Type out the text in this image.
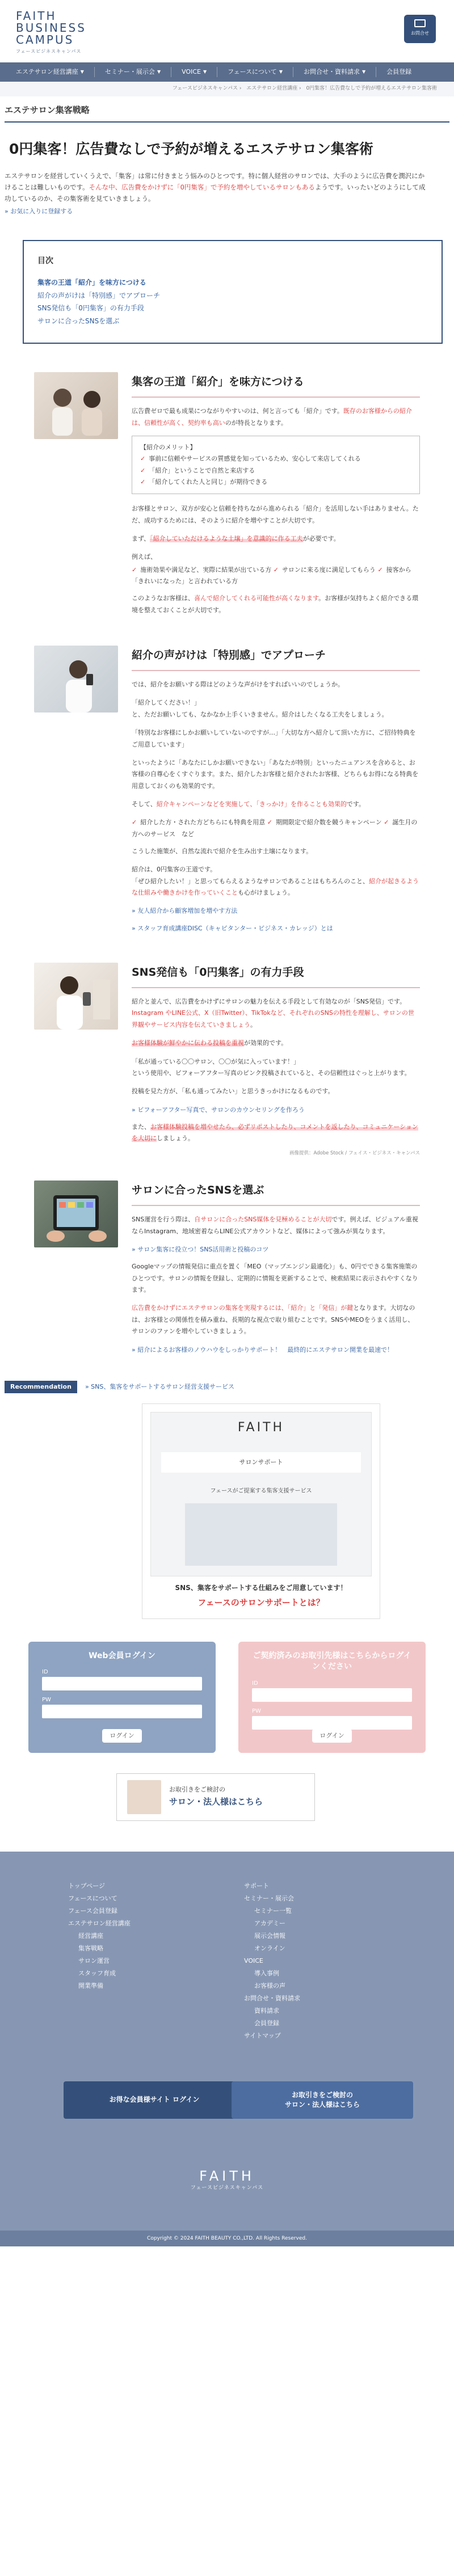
FAITH
BUSINESS
CAMPUS
フェースビジネスキャンパス
お問合せ
エステサロン経営講座 ▼	セミナー・展示会 ▼	VOICE ▼	フェースについて ▼	お問合せ・資料請求 ▼	会員登録
フェースビジネスキャンパス › エステサロン経営講座 › 0円集客！広告費なしで予約が増えるエステサロン集客術
エステサロン集客戦略
0円集客！広告費なしで予約が増えるエステサロン集客術

エステサロンを経営していくうえで、「集客」は常に付きまとう悩みのひとつです。特に個人経営のサロンでは、大手のように広告費を潤沢にかけることは難しいものです。そんな中、広告費をかけずに「0円集客」で予約を増やしているサロンもあるようです。いったいどのようにして成功しているのか、その集客術を見ていきましょう。

» お気に入りに登録する
目次
集客の王道「紹介」を味方につける
紹介の声がけは「特別感」でアプローチ
SNS発信も「0円集客」の有力手段
サロンに合ったSNSを選ぶ
集客の王道「紹介」を味方につける

広告費ゼロで最も成果につながりやすいのは、何と言っても「紹介」です。既存のお客様からの紹介は、信頼性が高く、契約率も高いのが特長となります。

【紹介のメリット】
✓ 事前に信頼やサービスの質感覚を知っているため、安心して来店してくれる
✓ 「紹介」ということで自然と来店する
✓ 「紹介してくれた人と同じ」が期待できる

お客様とサロン、双方が安心と信頼を持ちながら進められる「紹介」を活用しない手はありません。ただ、成功するためには、そのように紹介を増やすことが大切です。

まず、「紹介していただけるような土壌」を意識的に作る工夫が必要です。

例えば、

✓ 施術効果や満足など、実際に結果が出ている方 ✓ サロンに来る度に満足してもらう ✓ 接客から「きれいになった」と言われている方

このようなお客様は、喜んで紹介してくれる可能性が高くなります。お客様が気持ちよく紹介できる環境を整えておくことが大切です。

紹介の声がけは「特別感」でアプローチ

では、紹介をお願いする際はどのような声がけをすればいいのでしょうか。

「紹介してください！」

と、ただお願いしても、なかなか上手くいきません。紹介はしたくなる工夫をしましょう。

「特別なお客様にしかお願いしていないのですが…」「大切な方へ紹介して頂いた方に、ご招待特典をご用意しています」

といったように「あなたにしかお願いできない」「あなたが特別」といったニュアンスを含めると、お客様の自尊心をくすぐります。また、紹介したお客様と紹介されたお客様、どちらもお得になる特典を用意しておくのも効果的です。

そして、紹介キャンペーンなどを実施して、「きっかけ」を作ることも効果的です。

✓ 紹介した方・された方どちらにも特典を用意 ✓ 期間限定で紹介数を競うキャンペーン ✓ 誕生月の方へのサービス　など

こうした施策が、自然な流れで紹介を生み出す土壌になります。

紹介は、0円集客の王道です。

「ぜひ紹介したい！」と思ってもらえるようなサロンであることはもちろんのこと、紹介が起きるような仕組みや働きかけを作っていくことも心がけましょう。

» 友人紹介から顧客増加を増やす方法
» スタッフ育成講座DISC（キャピタンター・ビジネス・カレッジ）とは
SNS発信も「0円集客」の有力手段

紹介と並んで、広告費をかけずにサロンの魅力を伝える手段として有効なのが「SNS発信」です。Instagram やLINE公式、X（旧Twitter）、TikTokなど、それぞれのSNSの特性を理解し、サロンの世界観やサービス内容を伝えていきましょう。

お客様体験が鮮やかに伝わる投稿を重視が効果的です。

「私が通っている〇〇サロン、〇〇が気に入っています！」

という使用や、ビフォーアフター写真のピンク投稿されていると、その信頼性はぐっと上がります。

投稿を見た方が、「私も通ってみたい」と思うきっかけになるものです。

» ビフォーアフター写真で、サロンのカウンセリングを作ろう

また、お客様体験投稿を増やせたら、必ずリポストしたり、コメントを返したり、コミュニケーションを大切にしましょう。

画像提供：Adobe Stock / フェイス・ビジネス・キャンパス
サロンに合ったSNSを選ぶ

SNS運営を行う際は、自サロンに合ったSNS媒体を見極めることが大切です。例えば、ビジュアル重視ならInstagram、地域密着ならLINE公式アカウントなど、媒体によって強みが異なります。

» サロン集客に役立つ！SNS活用術と投稿のコツ

Googleマップの情報発信に重点を置く「MEO（マップエンジン最適化）」も、0円でできる集客施策のひとつです。サロンの情報を登録し、定期的に情報を更新することで、検索結果に表示されやすくなります。

広告費をかけずにエステサロンの集客を実現するには、「紹介」と「発信」が鍵となります。大切なのは、お客様との関係性を積み重ね、長期的な視点で取り組むことです。SNSやMEOをうまく活用し、サロンのファンを増やしていきましょう。

» 紹介によるお客様のノウハウをしっかりサポート！　最終的にエステサロン開業を最速で！
Recommendation	» SNS、集客をサポートするサロン経営支援サービス
FAITH
サロンサポート
フェースがご提案する集客支援サービス
SNS、集客をサポートする仕組みをご用意しています！
フェースのサロンサポートとは？
Web会員ログイン
ID
PW
ログイン
ご契約済みのお取引先様はこちらからログインください
ID
PW
ログイン
お取引きをご検討の
サロン・法人様はこちら
トップページ
フェースについて
フェース会員登録
エステサロン経営講座
経営講座
集客戦略
サロン運営
スタッフ育成
開業準備
サポート
セミナー・展示会
セミナー一覧
アカデミー
展示会情報
オンライン
VOICE
導入事例
お客様の声
お問合せ・資料請求
資料請求
会員登録
サイトマップ
お得な会員様サイト ログイン
お取引きをご検討の
サロン・法人様はこちら
FAITH
フェースビジネスキャンパス
Copyright © 2024 FAITH BEAUTY CO.,LTD. All Rights Reserved.
